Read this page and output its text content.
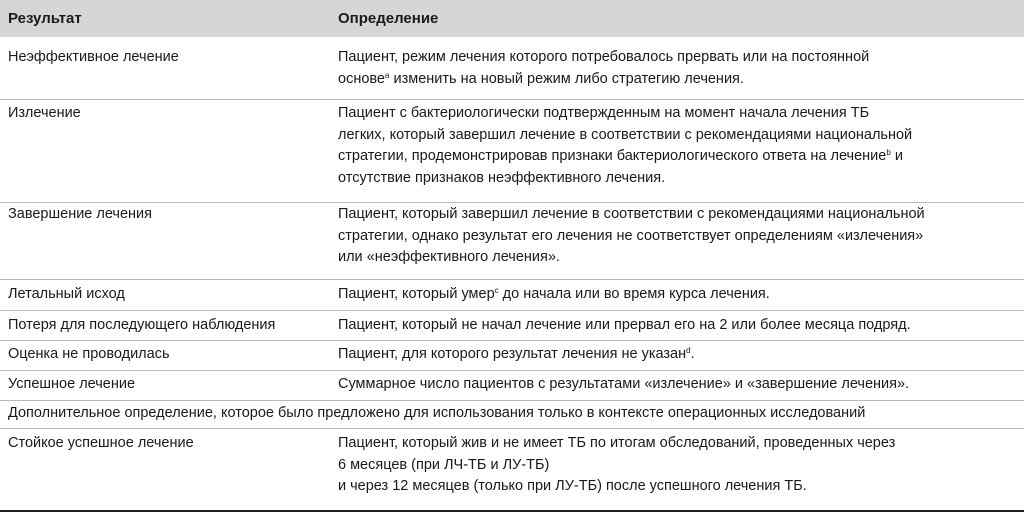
Результат	Определение
Неэффективное лечение	Пациент, режим лечения которого потребовалось прервать или на постоянной
основе$^a$ изменить на новый режим либо стратегию лечения.
Излечение	Пациент с бактериологически подтвержденным на момент начала лечения ТБ
легких, который завершил лечение в соответствии с рекомендациями национальной
стратегии, продемонстрировав признаки бактериологического ответа на лечение$^b$ и
отсутствие признаков неэффективного лечения.
Завершение лечения	Пациент, который завершил лечение в соответствии с рекомендациями национальной
стратегии, однако результат его лечения не соответствует определениям «излечения»
или «неэффективного лечения».
Летальный исход	Пациент, который умер$^c$ до начала или во время курса лечения.
Потеря для последующего наблюдения	Пациент, который не начал лечение или прервал его на 2 или более месяца подряд.
Оценка не проводилась	Пациент, для которого результат лечения не указан$^d$.
Успешное лечение	Суммарное число пациентов с результатами «излечение» и «завершение лечения».
Дополнительное определение, которое было предложено для использования только в контексте операционных исследований
Стойкое успешное лечение	Пациент, который жив и не имеет ТБ по итогам обследований, проведенных через
6 месяцев (при ЛЧ-ТБ и ЛУ-ТБ)
и через 12 месяцев (только при ЛУ-ТБ) после успешного лечения ТБ.
